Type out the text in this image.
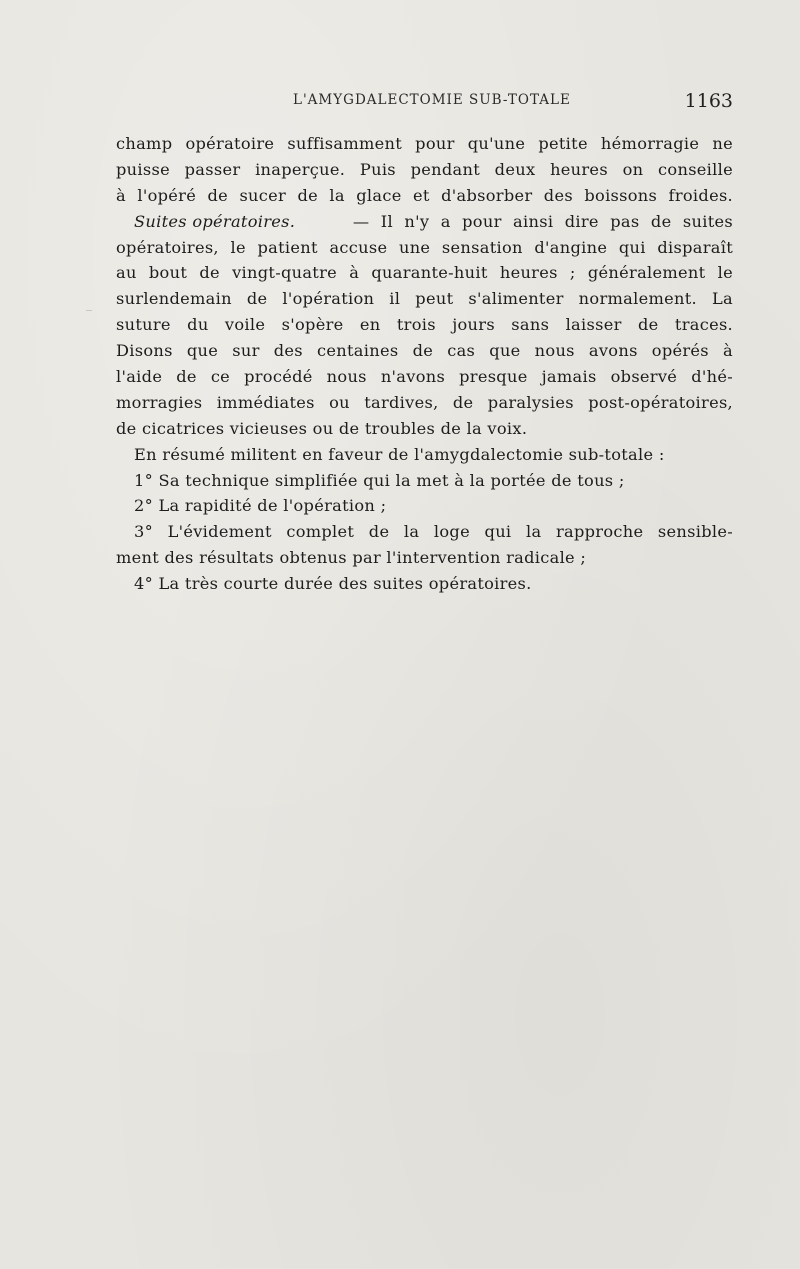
L'AMYGDALECTOMIE SUB-TOTALE	1163
champ opératoire suffisamment pour qu'une petite hémorragie ne
puisse passer inaperçue. Puis pendant deux heures on conseille
à l'opéré de sucer de la glace et d'absorber des boissons froides.
Suites opératoires.	— Il n'y a pour ainsi dire pas de suites
opératoires, le patient accuse une sensation d'angine qui disparaît
au bout de vingt-quatre à quarante-huit heures ; généralement le
surlendemain de l'opération il peut s'alimenter normalement. La
suture du voile s'opère en trois jours sans laisser de traces.
Disons que sur des centaines de cas que nous avons opérés à
l'aide de ce procédé nous n'avons presque jamais observé d'hé-
morragies immédiates ou tardives, de paralysies post-opératoires,
de cicatrices vicieuses ou de troubles de la voix.
En résumé militent en faveur de l'amygdalectomie sub-totale :
1° Sa technique simplifiée qui la met à la portée de tous ;
2° La rapidité de l'opération ;
3° L'évidement complet de la loge qui la rapproche sensible-
ment des résultats obtenus par l'intervention radicale ;
4° La très courte durée des suites opératoires.
